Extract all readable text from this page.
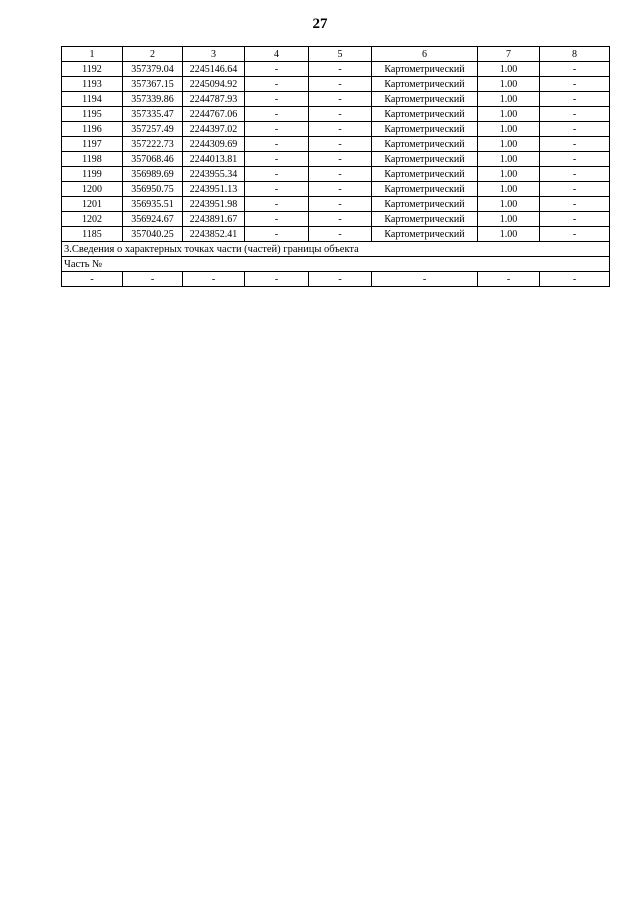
27
1	2	3	4	5	6	7	8
1192	357379.04	2245146.64	-	-	Картометрический	1.00	-
1193	357367.15	2245094.92	-	-	Картометрический	1.00	-
1194	357339.86	2244787.93	-	-	Картометрический	1.00	-
1195	357335.47	2244767.06	-	-	Картометрический	1.00	-
1196	357257.49	2244397.02	-	-	Картометрический	1.00	-
1197	357222.73	2244309.69	-	-	Картометрический	1.00	-
1198	357068.46	2244013.81	-	-	Картометрический	1.00	-
1199	356989.69	2243955.34	-	-	Картометрический	1.00	-
1200	356950.75	2243951.13	-	-	Картометрический	1.00	-
1201	356935.51	2243951.98	-	-	Картометрический	1.00	-
1202	356924.67	2243891.67	-	-	Картометрический	1.00	-
1185	357040.25	2243852.41	-	-	Картометрический	1.00	-
3.Сведения о характерных точках части (частей) границы объекта							
Часть №							
-	-	-	-	-	-	-	-
